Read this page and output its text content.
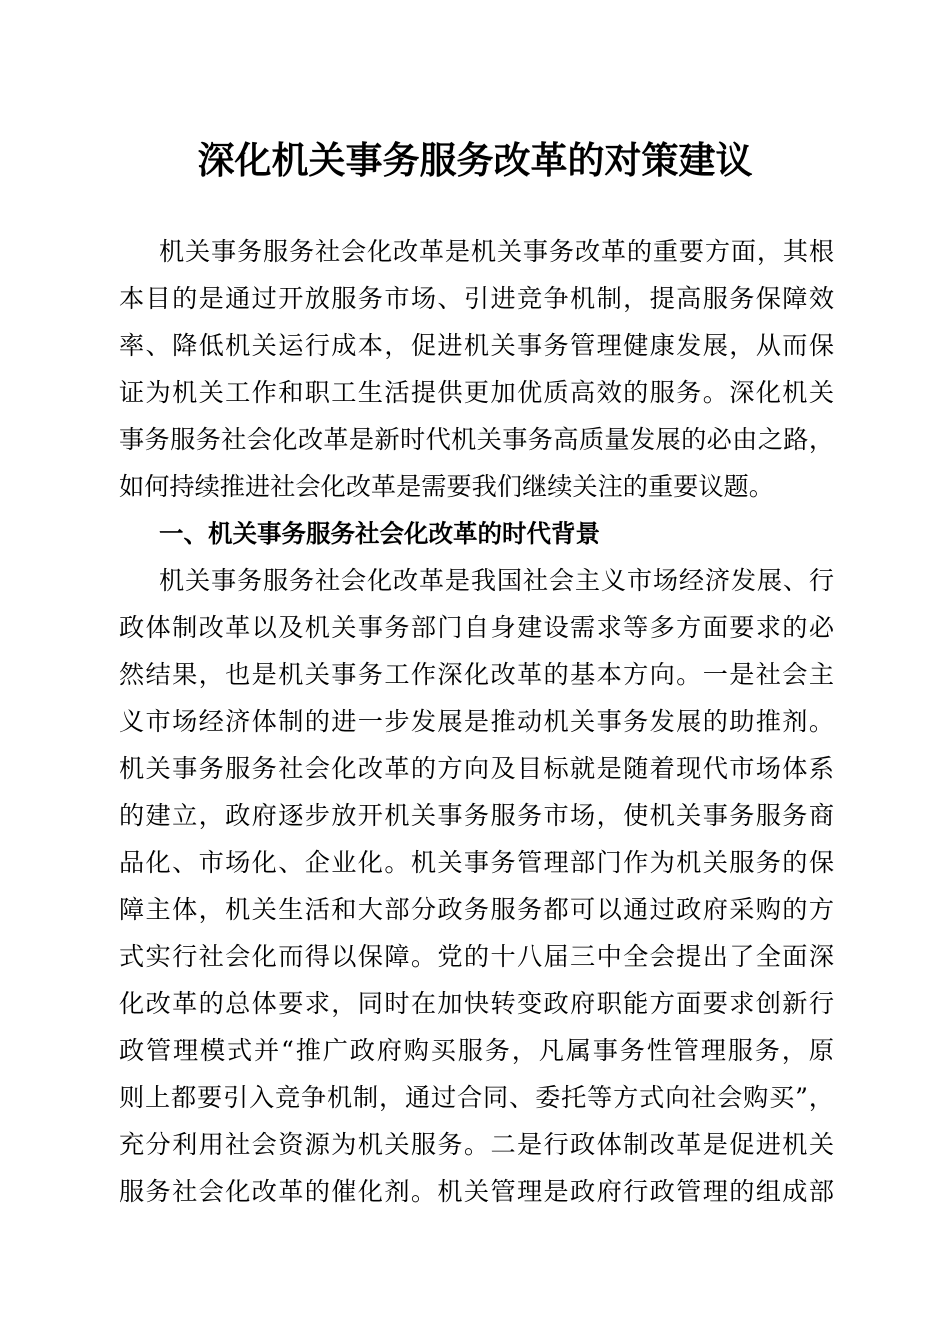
深化机关事务服务改革的对策建议
机关事务服务社会化改革是机关事务改革的重要方面，其根
本目的是通过开放服务市场、引进竞争机制，提高服务保障效
率、降低机关运行成本，促进机关事务管理健康发展，从而保
证为机关工作和职工生活提供更加优质高效的服务。深化机关
事务服务社会化改革是新时代机关事务高质量发展的必由之路，
如何持续推进社会化改革是需要我们继续关注的重要议题。
一、机关事务服务社会化改革的时代背景
机关事务服务社会化改革是我国社会主义市场经济发展、行
政体制改革以及机关事务部门自身建设需求等多方面要求的必
然结果，也是机关事务工作深化改革的基本方向。一是社会主
义市场经济体制的进一步发展是推动机关事务发展的助推剂。
机关事务服务社会化改革的方向及目标就是随着现代市场体系
的建立，政府逐步放开机关事务服务市场，使机关事务服务商
品化、市场化、企业化。机关事务管理部门作为机关服务的保
障主体，机关生活和大部分政务服务都可以通过政府采购的方
式实行社会化而得以保障。党的十八届三中全会提出了全面深
化改革的总体要求，同时在加快转变政府职能方面要求创新行
政管理模式并“推广政府购买服务，凡属事务性管理服务，原
则上都要引入竞争机制，通过合同、委托等方式向社会购买”，
充分利用社会资源为机关服务。二是行政体制改革是促进机关
服务社会化改革的催化剂。机关管理是政府行政管理的组成部
